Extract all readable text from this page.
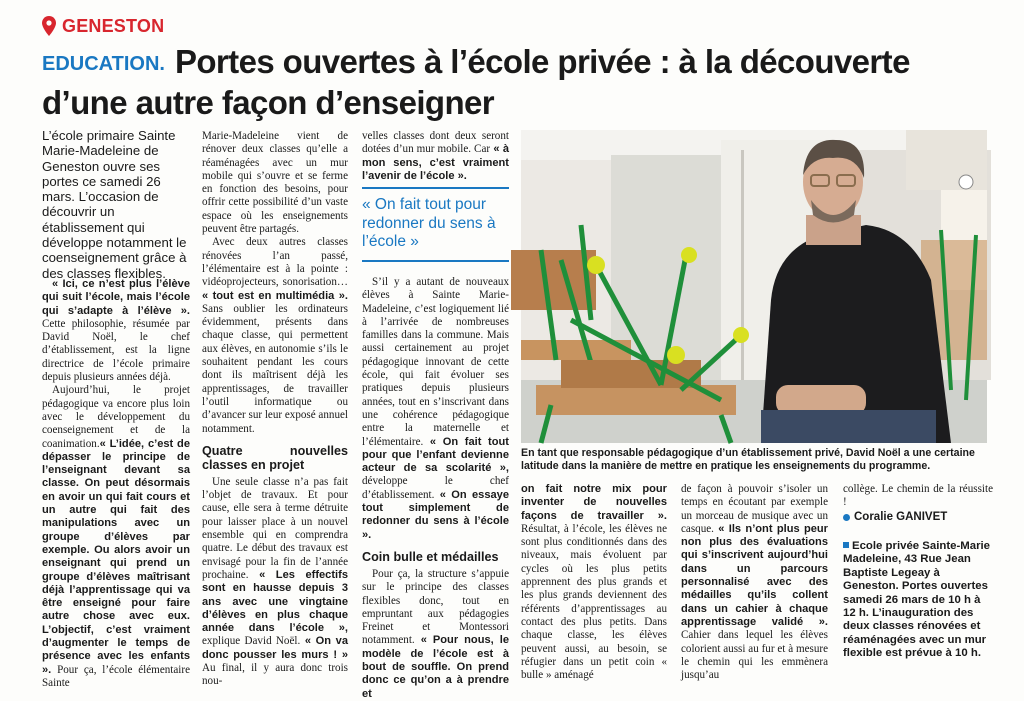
GENESTON
EDUCATION. Portes ouvertes à l’école privée : à la découverte d’une autre façon d’enseigner
L’école primaire Sainte Marie-Madeleine de Geneston ouvre ses portes ce samedi 26 mars. L’occasion de découvrir un établissement qui développe notamment le coenseignement grâce à des classes flexibles.

« Ici, ce n’est plus l’élève qui suit l’école, mais l’école qui s’adapte à l’élève ». Cette philosophie, résumée par David Noël, le chef d’établissement, est la ligne directrice de l’école primaire depuis plusieurs années déjà.

Aujourd’hui, le projet pédagogique va encore plus loin avec le développement du coenseignement et de la coanimation.« L’idée, c’est de dépasser le principe de l’enseignant devant sa classe. On peut désormais en avoir un qui fait cours et un autre qui fait des manipulations avec un groupe d’élèves par exemple. Ou alors avoir un enseignant qui prend un groupe d’élèves maîtrisant déjà l’apprentissage qui va être enseigné pour faire autre chose avec eux. L’objectif, c’est vraiment d’augmenter le temps de présence avec les enfants ». Pour ça, l’école élémentaire Sainte

Marie-Madeleine vient de rénover deux classes qu’elle a réaménagées avec un mur mobile qui s’ouvre et se ferme en fonction des besoins, pour offrir cette possibilité d’un vaste espace où les enseignements peuvent être partagés.

Avec deux autres classes rénovées l’an passé, l’élémentaire est à la pointe : vidéoprojecteurs, sonorisation… « tout est en multimédia ». Sans oublier les ordinateurs évidemment, présents dans chaque classe, qui permettent aux élèves, en autonomie s’ils le souhaitent pendant les cours dont ils maîtrisent déjà les apprentissages, de travailler l’outil informatique ou d’avancer sur leur exposé annuel notamment.

Quatre nouvelles classes en projet

Une seule classe n’a pas fait l’objet de travaux. Et pour cause, elle sera à terme détruite pour laisser place à un nouvel ensemble qui en comprendra quatre. Le début des travaux est envisagé pour la fin de l’année prochaine. « Les effectifs sont en hausse depuis 3 ans avec une vingtaine d’élèves en plus chaque année dans l’école », explique David Noël. « On va donc pousser les murs ! » Au final, il y aura donc trois nou-

velles classes dont deux seront dotées d’un mur mobile. Car « à mon sens, c’est vraiment l’avenir de l’école ».

« On fait tout pour redonner du sens à l’école »

S’il y a autant de nouveaux élèves à Sainte Marie-Madeleine, c’est logiquement lié à l’arrivée de nombreuses familles dans la commune. Mais aussi certainement au projet pédagogique innovant de cette école, qui fait évoluer ses pratiques depuis plusieurs années, tout en s’inscrivant dans une cohérence pédagogique entre la maternelle et l’élémentaire. « On fait tout pour que l’enfant devienne acteur de sa scolarité », développe le chef d’établissement. « On essaye tout simplement de redonner du sens à l’école ».

Coin bulle et médailles

Pour ça, la structure s’appuie sur le principe des classes flexibles donc, tout en empruntant aux pédagogies Freinet et Montessori notamment. « Pour nous, le modèle de l’école est à bout de souffle. On prend donc ce qu’on a à prendre et

En tant que responsable pédagogique d’un établissement privé, David Noël a une certaine latitude dans la manière de mettre en pratique les enseignements du programme.

on fait notre mix pour inventer de nouvelles façons de travailler ». Résultat, à l’école, les élèves ne sont plus conditionnés dans des niveaux, mais évoluent par cycles où les plus petits apprennent des plus grands et les plus grands deviennent des référents d’apprentissages au contact des plus petits. Dans chaque classe, les élèves peuvent aussi, au besoin, se réfugier dans un petit coin « bulle » aménagé

de façon à pouvoir s’isoler un temps en écoutant par exemple un morceau de musique avec un casque. « Ils n’ont plus peur non plus des évaluations qui s’inscrivent aujourd’hui dans un parcours personnalisé avec des médailles qu’ils collent dans un cahier à chaque apprentissage validé ». Cahier dans lequel les élèves colorient aussi au fur et à mesure le chemin qui les emmènera jusqu’au

collège. Le chemin de la réussite !

Coralie GANIVET
Ecole privée Sainte-Marie Madeleine, 43 Rue Jean Baptiste Legeay à Geneston. Portes ouvertes samedi 26 mars de 10 h à 12 h. L’inauguration des deux classes rénovées et réaménagées avec un mur flexible est prévue à 10 h.
